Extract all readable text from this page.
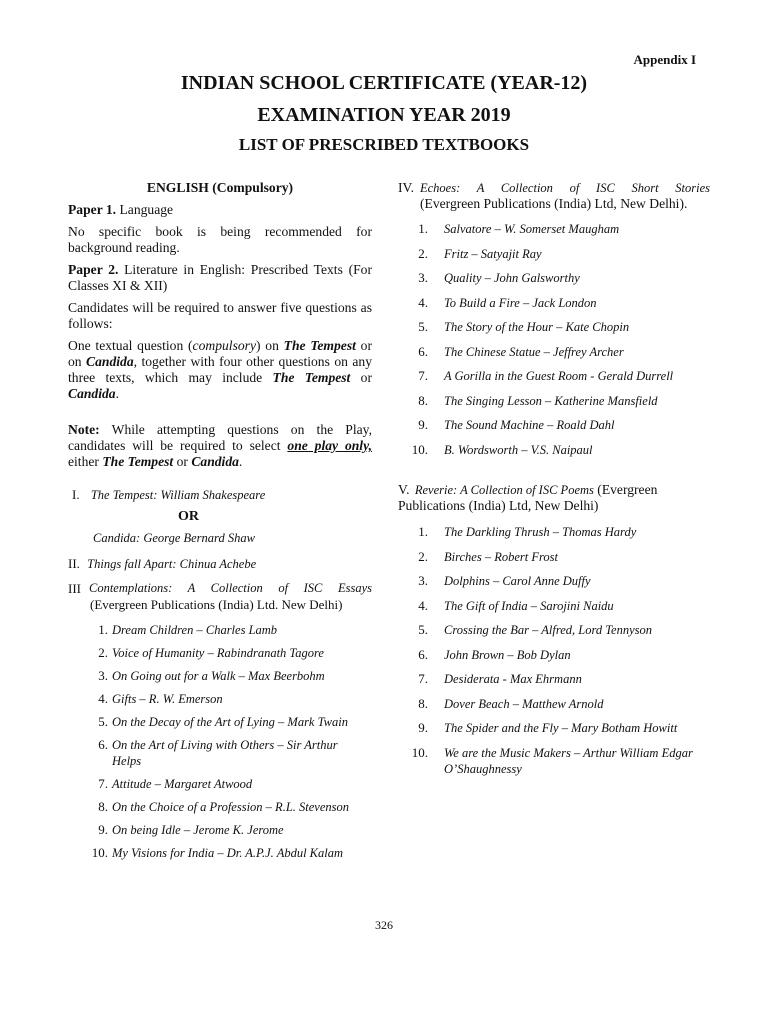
Appendix I
INDIAN SCHOOL CERTIFICATE (YEAR-12)
EXAMINATION YEAR 2019
LIST OF PRESCRIBED TEXTBOOKS
ENGLISH (Compulsory)
Paper 1. Language
No specific book is being recommended for background reading.
Paper 2. Literature in English: Prescribed Texts (For Classes XI & XII)
Candidates will be required to answer five questions as follows:
One textual question (compulsory) on The Tempest or on Candida, together with four other questions on any three texts, which may include The Tempest or Candida.
Note: While attempting questions on the Play, candidates will be required to select one play only, either The Tempest or Candida.
I. The Tempest: William Shakespeare
OR
Candida: George Bernard Shaw
II. Things fall Apart: Chinua Achebe
III Contemplations: A Collection of ISC Essays
(Evergreen Publications (India) Ltd. New Delhi)
1. Dream Children – Charles Lamb
2. Voice of Humanity – Rabindranath Tagore
3. On Going out for a Walk – Max Beerbohm
4. Gifts – R. W. Emerson
5. On the Decay of the Art of Lying – Mark Twain
6. On the Art of Living with Others – Sir Arthur Helps
7. Attitude – Margaret Atwood
8. On the Choice of a Profession – R.L. Stevenson
9. On being Idle – Jerome K. Jerome
10. My Visions for India – Dr. A.P.J. Abdul Kalam
IV. Echoes: A Collection of ISC Short Stories
(Evergreen Publications (India) Ltd, New Delhi).
1. Salvatore – W. Somerset Maugham
2. Fritz – Satyajit Ray
3. Quality – John Galsworthy
4. To Build a Fire – Jack London
5. The Story of the Hour – Kate Chopin
6. The Chinese Statue – Jeffrey Archer
7. A Gorilla in the Guest Room - Gerald Durrell
8. The Singing Lesson – Katherine Mansfield
9. The Sound Machine – Roald Dahl
10. B. Wordsworth – V.S. Naipaul
V. Reverie: A Collection of ISC Poems (Evergreen Publications (India) Ltd, New Delhi)
1. The Darkling Thrush – Thomas Hardy
2. Birches – Robert Frost
3. Dolphins – Carol Anne Duffy
4. The Gift of India – Sarojini Naidu
5. Crossing the Bar – Alfred, Lord Tennyson
6. John Brown – Bob Dylan
7. Desiderata - Max Ehrmann
8. Dover Beach – Matthew Arnold
9. The Spider and the Fly – Mary Botham Howitt
10. We are the Music Makers – Arthur William Edgar O’Shaughnessy
326
